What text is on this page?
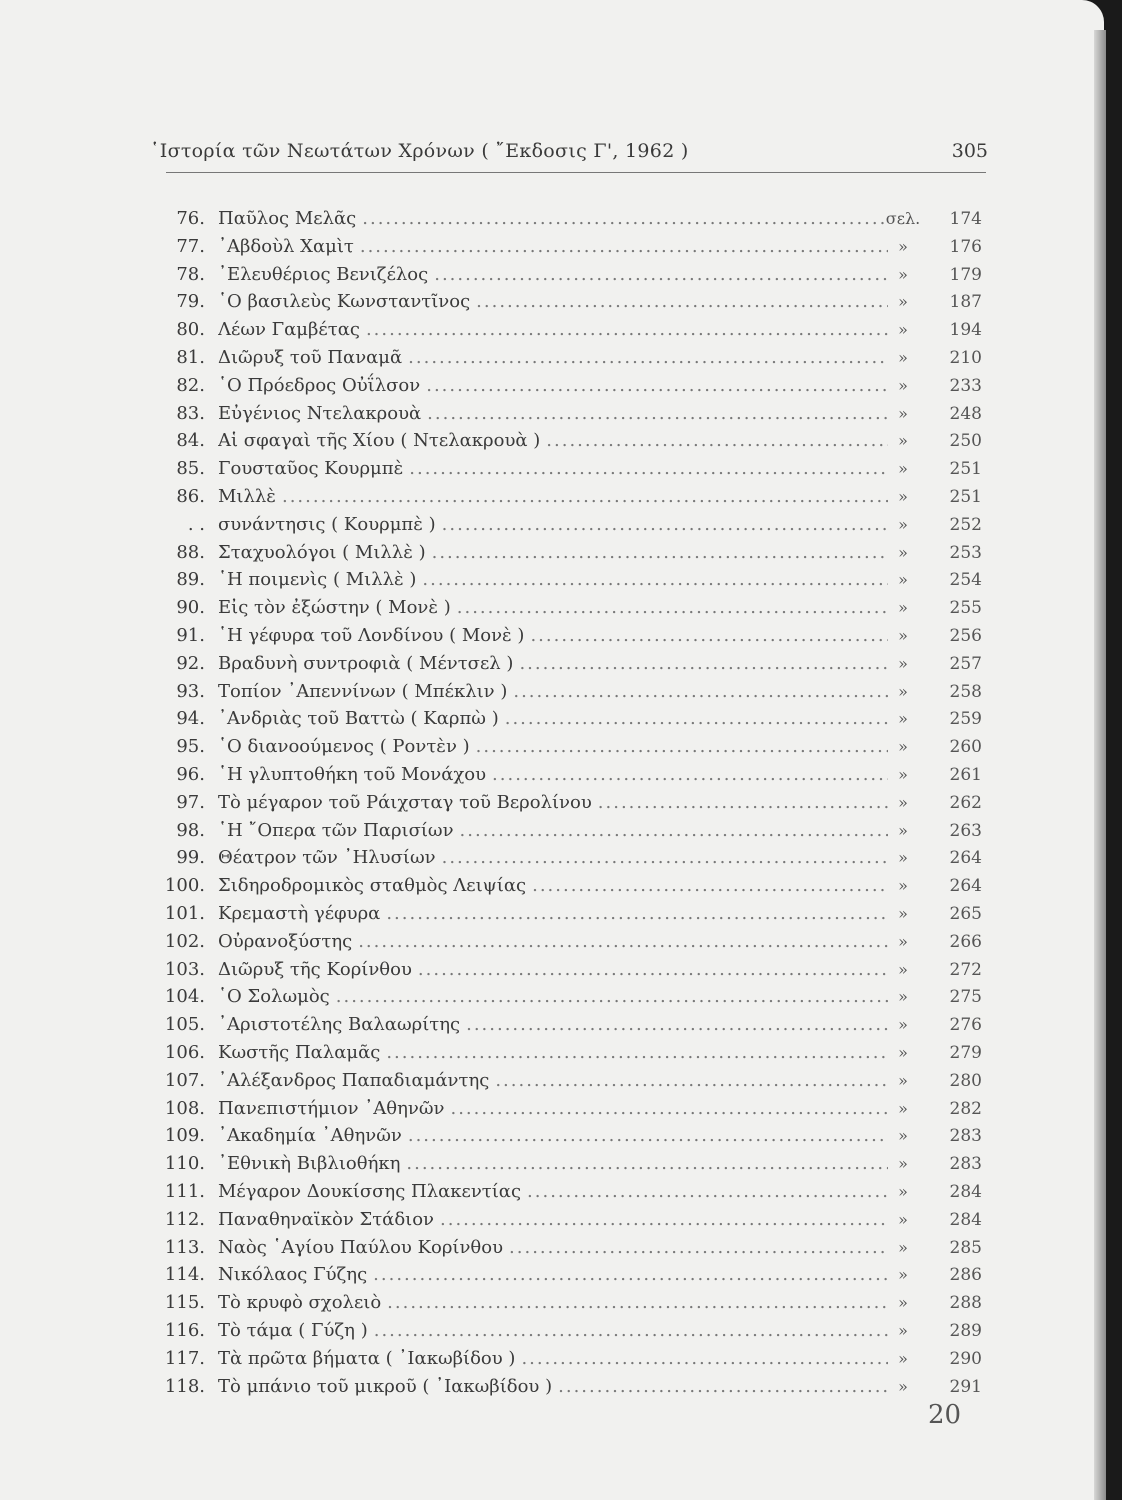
῾Ιστορία τῶν Νεωτάτων Χρόνων ( ῎Εκδοσις Γ', 1962 )	305
76. Παῦλος Μελᾶς .....	σελ.	174
77. ᾿Αβδοὺλ Χαμὶτ .....	»	176
78. ᾿Ελευθέριος Βενιζέλος .....	»	179
79. ῾Ο βασιλεὺς Κωνσταντῖνος .....	»	187
80. Λέων Γαμβέτας .....	»	194
81. Διῶρυξ τοῦ Παναμᾶ .....	»	210
82. ῾Ο Πρόεδρος Οὐΐλσον .....	»	233
83. Εὐγένιος Ντελακρουὰ .....	»	248
84. Αἱ σφαγαὶ τῆς Χίου ( Ντελακρουὰ ) .....	»	250
85. Γουσταῦος Κουρμπὲ .....	»	251
86. Μιλλὲ .....	»	251
. . συνάντησις ( Κουρμπὲ ) .....	»	252
88. Σταχυολόγοι ( Μιλλὲ ) .....	»	253
89. ῾Η ποιμενὶς ( Μιλλὲ ) .....	»	254
90. Εἰς τὸν ἐξώστην ( Μονὲ ) .....	»	255
91. ῾Η γέφυρα τοῦ Λονδίνου ( Μονὲ ) .....	»	256
92. Βραδυνὴ συντροφιὰ ( Μέντσελ ) .....	»	257
93. Τοπίον ᾿Απεννίνων ( Μπέκλιν ) .....	»	258
94. ᾿Ανδριὰς τοῦ Βαττὼ ( Καρπὼ ) .....	»	259
95. ῾Ο διανοούμενος ( Ροντὲν ) .....	»	260
96. ῾Η γλυπτοθήκη τοῦ Μονάχου .....	»	261
97. Τὸ μέγαρον τοῦ Ράιχσταγ τοῦ Βερολίνου .....	»	262
98. ῾Η ῎Οπερα τῶν Παρισίων .....	»	263
99. Θέατρον τῶν ᾿Ηλυσίων .....	»	264
100. Σιδηροδρομικὸς σταθμὸς Λειψίας .....	»	264
101. Κρεμαστὴ γέφυρα .....	»	265
102. Οὐρανοξύστης .....	»	266
103. Διῶρυξ τῆς Κορίνθου .....	»	272
104. ῾Ο Σολωμὸς .....	»	275
105. ᾿Αριστοτέλης Βαλαωρίτης .....	»	276
106. Κωστῆς Παλαμᾶς .....	»	279
107. ᾿Αλέξανδρος Παπαδιαμάντης .....	»	280
108. Πανεπιστήμιον ᾿Αθηνῶν .....	»	282
109. ᾿Ακαδημία ᾿Αθηνῶν .....	»	283
110. ᾿Εθνικὴ Βιβλιοθήκη .....	»	283
111. Μέγαρον Δουκίσσης Πλακεντίας .....	»	284
112. Παναθηναϊκὸν Στάδιον .....	»	284
113. Ναὸς ῾Αγίου Παύλου Κορίνθου .....	»	285
114. Νικόλαος Γύζης .....	»	286
115. Τὸ κρυφὸ σχολειὸ .....	»	288
116. Τὸ τάμα ( Γύζη ) .....	»	289
117. Τὰ πρῶτα βήματα ( ᾿Ιακωβίδου ) .....	»	290
118. Τὸ μπάνιο τοῦ μικροῦ ( ᾿Ιακωβίδου ) .....	»	291
20
